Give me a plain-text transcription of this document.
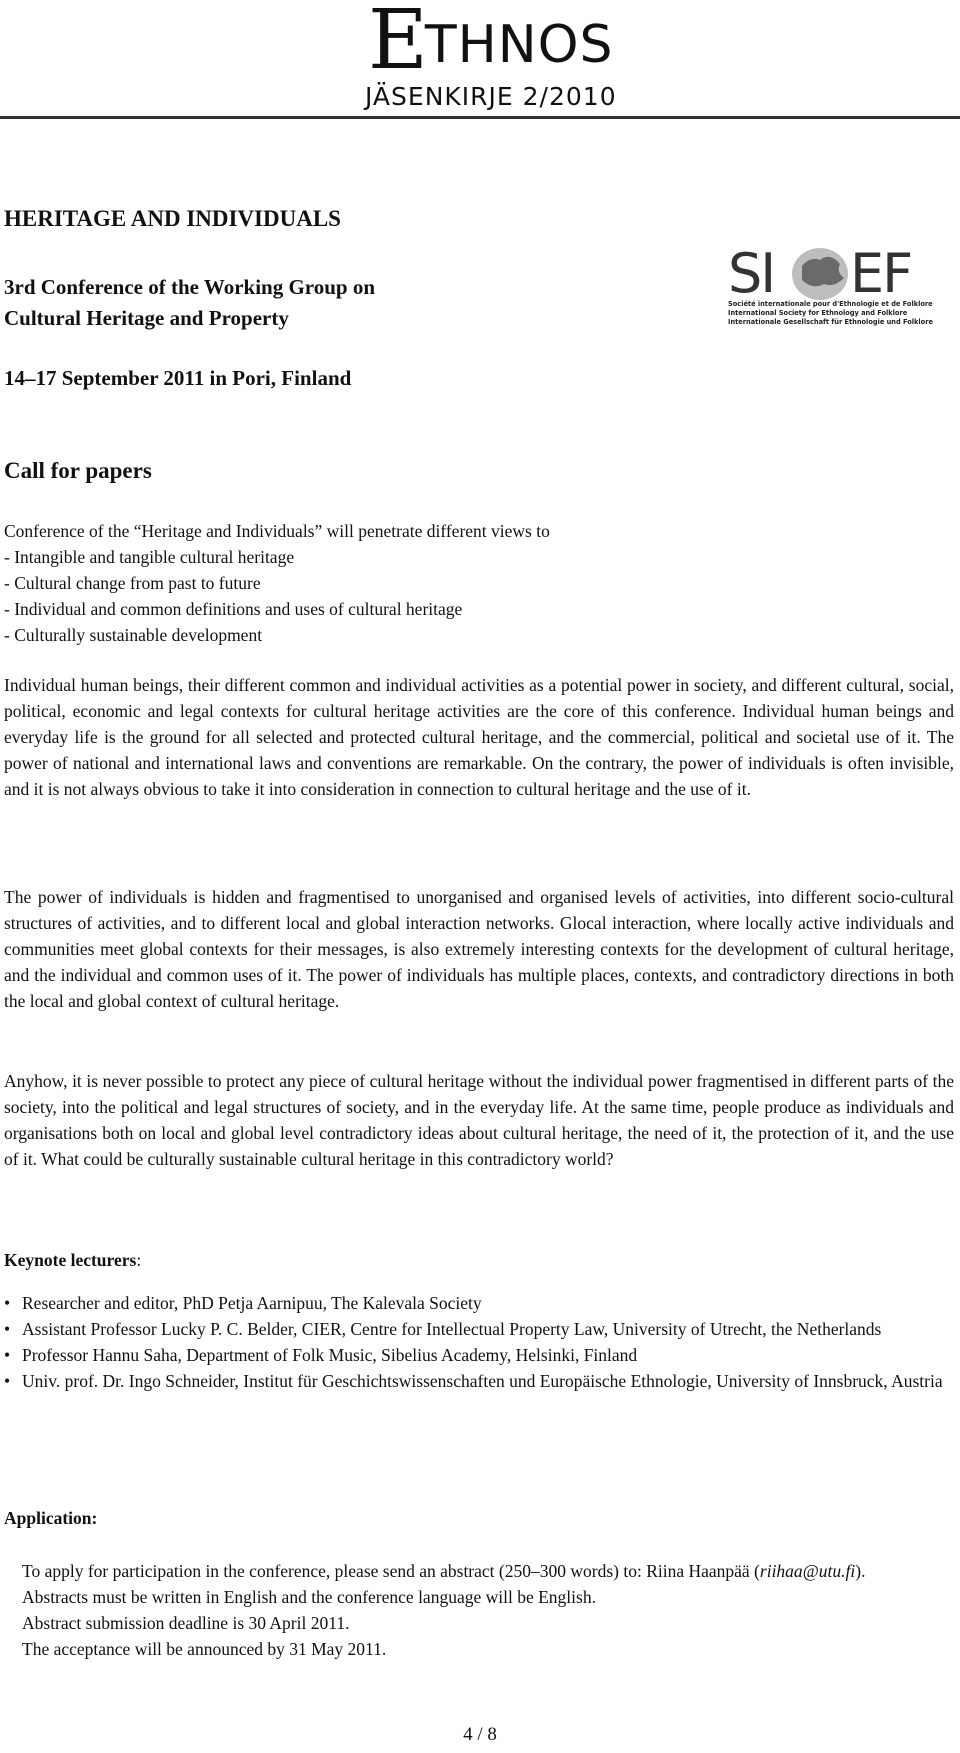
ETHNOS
JÄSENKIRJE 2/2010
SI EF
Société internationale pour d'Ethnologie et de Folklore
International Society for Ethnology and Folklore
Internationale Gesellschaft für Ethnologie und Folklore
HERITAGE AND INDIVIDUALS
3rd Conference of the Working Group on
Cultural Heritage and Property
14–17 September 2011 in Pori, Finland
Call for papers
Conference of the “Heritage and Individuals” will penetrate different views to
- Intangible and tangible cultural heritage
- Cultural change from past to future
- Individual and common definitions and uses of cultural heritage
- Culturally sustainable development

Individual human beings, their different common and individual activities as a potential power in society, and different cultural, social, political, economic and legal contexts for cultural heritage activities are the core of this conference. Individual human beings and everyday life is the ground for all selected and protected cultural heritage, and the commercial, political and societal use of it. The power of national and international laws and conventions are remarkable. On the contrary, the power of individuals is often invisible, and it is not always obvious to take it into consideration in connection to cultural heritage and the use of it.

The power of individuals is hidden and fragmentised to unorganised and organised levels of activities, into different socio-cultural structures of activities, and to different local and global interaction networks. Glocal interaction, where locally active individuals and communities meet global contexts for their messages, is also extremely interesting contexts for the development of cultural heritage, and the individual and common uses of it. The power of individuals has multiple places, contexts, and contradictory directions in both the local and global context of cultural heritage.

Anyhow, it is never possible to protect any piece of cultural heritage without the individual power fragmentised in different parts of the society, into the political and legal structures of society, and in the everyday life. At the same time, people produce as individuals and organisations both on local and global level contradictory ideas about cultural heritage, the need of it, the protection of it, and the use of it. What could be culturally sustainable cultural heritage in this contradictory world?

Keynote lecturers:
• Researcher and editor, PhD Petja Aarnipuu, The Kalevala Society
• Assistant Professor Lucky P. C. Belder, CIER, Centre for Intellectual Property Law, University of Utrecht, the Netherlands
• Professor Hannu Saha, Department of Folk Music, Sibelius Academy, Helsinki, Finland
• Univ. prof. Dr. Ingo Schneider, Institut für Geschichtswissenschaften und Europäische Ethnologie, University of Innsbruck, Austria
Application:
To apply for participation in the conference, please send an abstract (250–300 words) to: Riina Haanpää (riihaa@utu.fi).
Abstracts must be written in English and the conference language will be English.
Abstract submission deadline is 30 April 2011.
The acceptance will be announced by 31 May 2011.
4 / 8
